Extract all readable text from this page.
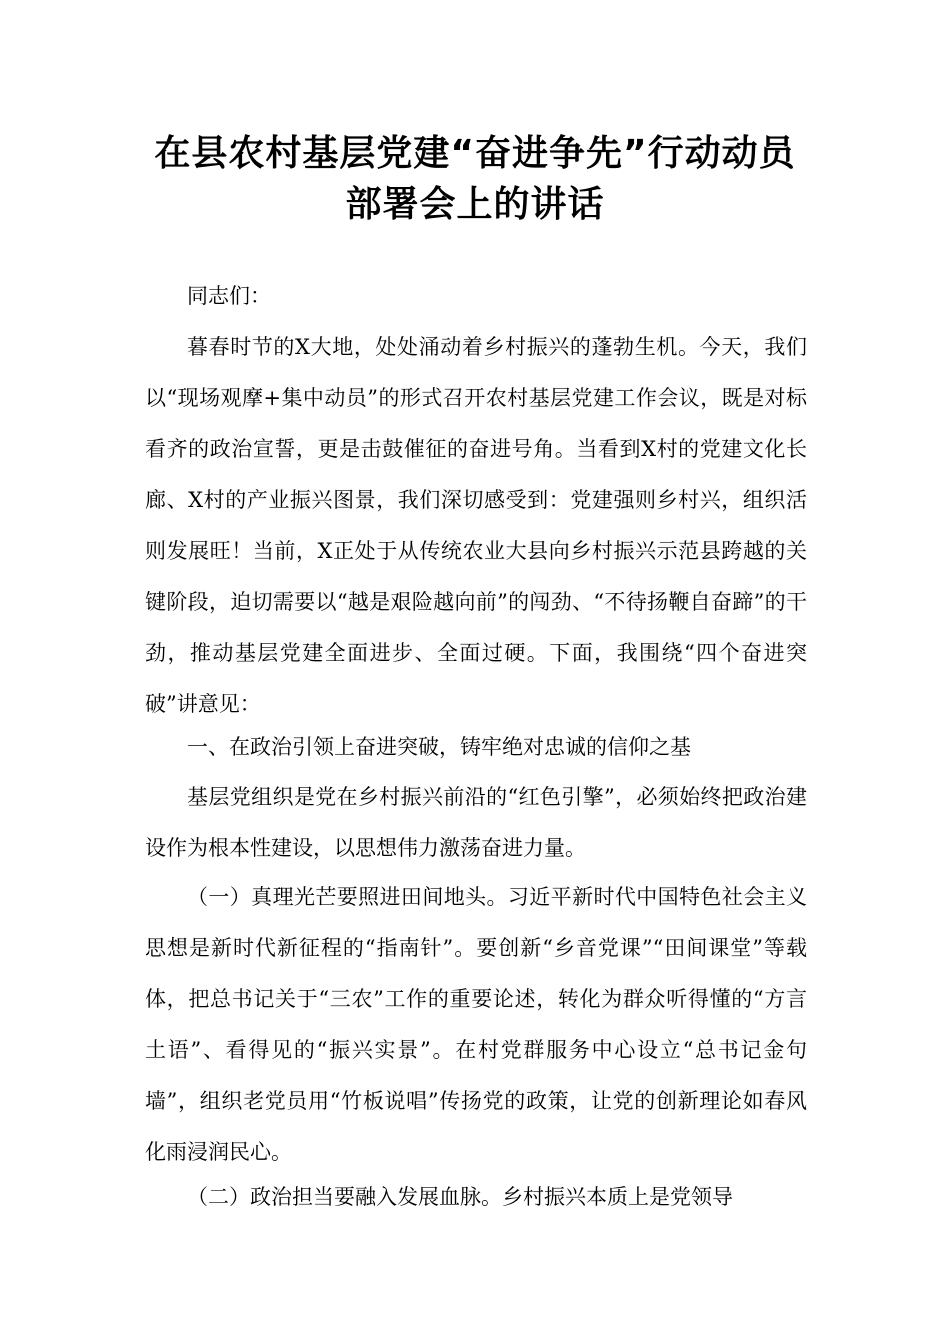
在县农村基层党建“奋进争先”行动动员
部署会上的讲话

同志们：

暮春时节的X大地，处处涌动着乡村振兴的蓬勃生机。今天，我们以“现场观摩+集中动员”的形式召开农村基层党建工作会议，既是对标看齐的政治宣誓，更是击鼓催征的奋进号角。当看到X村的党建文化长廊、X村的产业振兴图景，我们深切感受到：党建强则乡村兴，组织活则发展旺！当前，X正处于从传统农业大县向乡村振兴示范县跨越的关键阶段，迫切需要以“越是艰险越向前”的闯劲、“不待扬鞭自奋蹄”的干劲，推动基层党建全面进步、全面过硬。下面，我围绕“四个奋进突破”讲意见：

一、在政治引领上奋进突破，铸牢绝对忠诚的信仰之基

基层党组织是党在乡村振兴前沿的“红色引擎”，必须始终把政治建设作为根本性建设，以思想伟力激荡奋进力量。

（一）真理光芒要照进田间地头。习近平新时代中国特色社会主义思想是新时代新征程的“指南针”。要创新“乡音党课”“田间课堂”等载体，把总书记关于“三农”工作的重要论述，转化为群众听得懂的“方言土语”、看得见的“振兴实景”。在村党群服务中心设立“总书记金句墙”，组织老党员用“竹板说唱”传扬党的政策，让党的创新理论如春风化雨浸润民心。

（二）政治担当要融入发展血脉。乡村振兴本质上是党领导
